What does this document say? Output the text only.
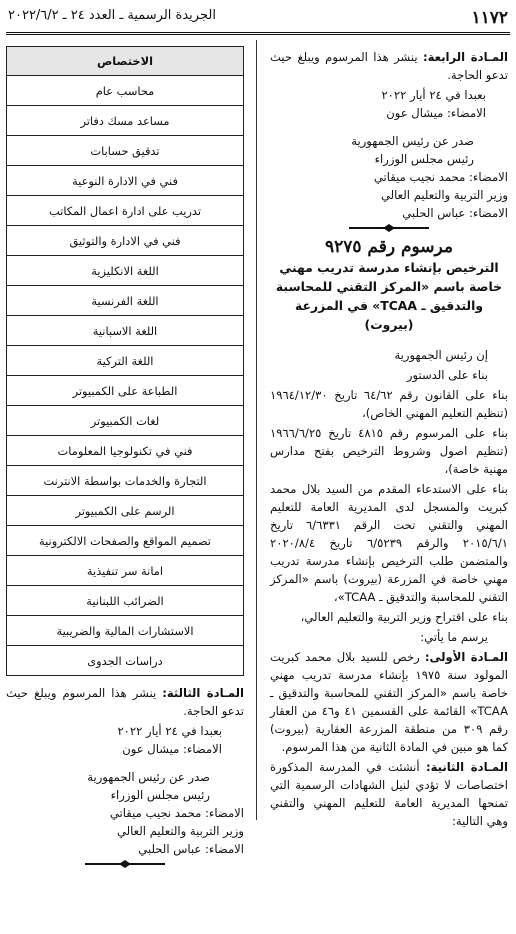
١١٧٢
الجريدة الرسمية ـ العدد ٢٤ ـ ٢٠٢٢/٦/٢

المـادة الرابعة: ينشر هذا المرسوم ويبلغ حيث تدعو الحاجة.

بعبدا في ٢٤ أيار ٢٠٢٢
الامضاء: ميشال عون
صدر عن رئيس الجمهورية
رئيس مجلس الوزراء
الامضاء: محمد نجيب ميقاتي
وزير التربية والتعليم العالي
الامضاء: عباس الحلبي
مرسوم رقم ٩٢٧٥
الترخيص بإنشاء مدرسة تدريب مهني خاصة باسم «المركز التقني للمحاسبة والتدقيق ـ TCAA» في المزرعة (بيروت)

إن رئيس الجمهورية

بناء على الدستور

بناء على القانون رقم ٦٤/٦٢ تاريخ ١٩٦٤/١٢/٣٠ (تنظيم التعليم المهني الخاص)،

بناء على المرسوم رقم ٤٨١٥ تاريخ ١٩٦٦/٦/٢٥ (تنظيم اصول وشروط الترخيص بفتح مدارس مهنية خاصة)،

بناء على الاستدعاء المقدم من السيد بلال محمد كبريت والمسجل لدى المديرية العامة للتعليم المهني والتقني تحت الرقم ٦/٦٣٣١ تاريخ ٢٠١٥/٦/١ والرقم ٦/٥٢٣٩ تاريخ ٢٠٢٠/٨/٤ والمتضمن طلب الترخيص بإنشاء مدرسة تدريب مهني خاصة في المزرعة (بيروت) باسم «المركز التقني للمحاسبة والتدقيق ـ TCAA»،

بناء على اقتراح وزير التربية والتعليم العالي،

يرسم ما يأتي:

المـادة الأولى: رخص للسيد بلال محمد كبريت المولود سنة ١٩٧٥ بإنشاء مدرسة تدريب مهني خاصة باسم «المركز التقني للمحاسبة والتدقيق ـ TCAA» القائمة على القسمين ٤١ و٤٦ من العقار رقم ٣٠٩ من منطقة المزرعة العقارية (بيروت) كما هو مبين في المادة الثانية من هذا المرسوم.

المـادة الثانية: أنشئت في المدرسة المذكورة اختصاصات لا تؤدي لنيل الشهادات الرسمية التي تمنحها المديرية العامة للتعليم المهني والتقني وهي التالية:

الاختصاص
محاسب عام
مساعد مسك دفاتر
تدقيق حسابات
فني في الادارة النوعية
تدريب على ادارة اعمال المكاتب
فني في الادارة والتوثيق
اللغة الانكليزية
اللغة الفرنسية
اللغة الاسبانية
اللغة التركية
الطباعة على الكمبيوتر
لغات الكمبيوتر
فني في تكنولوجيا المعلومات
التجارة والخدمات بواسطة الانترنت
الرسم على الكمبيوتر
تصميم المواقع والصفحات الالكترونية
امانة سر تنفيذية
الضرائب اللبنانية
الاستشارات المالية والضريبية
دراسات الجدوى

المـادة الثالثة: ينشر هذا المرسوم ويبلغ حيث تدعو الحاجة.

بعبدا في ٢٤ أيار ٢٠٢٢
الامضاء: ميشال عون
صدر عن رئيس الجمهورية
رئيس مجلس الوزراء
الامضاء: محمد نجيب ميقاتي
وزير التربية والتعليم العالي
الامضاء: عباس الحلبي
